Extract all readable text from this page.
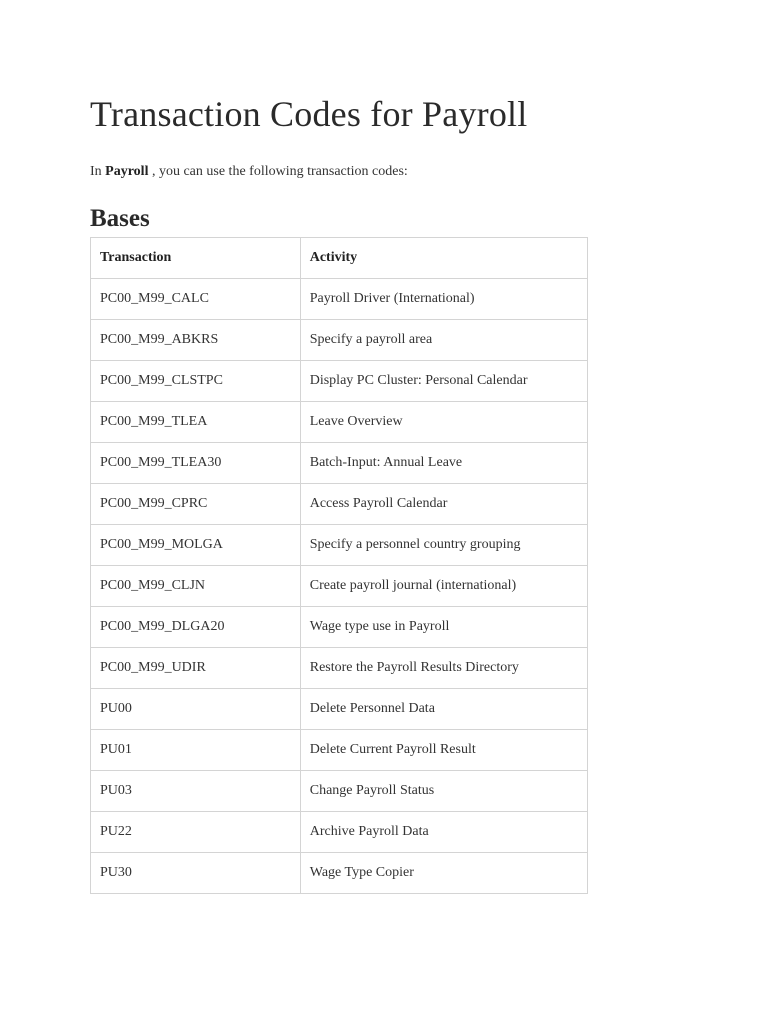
Transaction Codes for Payroll

In Payroll , you can use the following transaction codes:

Bases
Transaction	Activity
PC00_M99_CALC	Payroll Driver (International)
PC00_M99_ABKRS	Specify a payroll area
PC00_M99_CLSTPC	Display PC Cluster: Personal Calendar
PC00_M99_TLEA	Leave Overview
PC00_M99_TLEA30	Batch-Input: Annual Leave
PC00_M99_CPRC	Access Payroll Calendar
PC00_M99_MOLGA	Specify a personnel country grouping
PC00_M99_CLJN	Create payroll journal (international)
PC00_M99_DLGA20	Wage type use in Payroll
PC00_M99_UDIR	Restore the Payroll Results Directory
PU00	Delete Personnel Data
PU01	Delete Current Payroll Result
PU03	Change Payroll Status
PU22	Archive Payroll Data
PU30	Wage Type Copier
